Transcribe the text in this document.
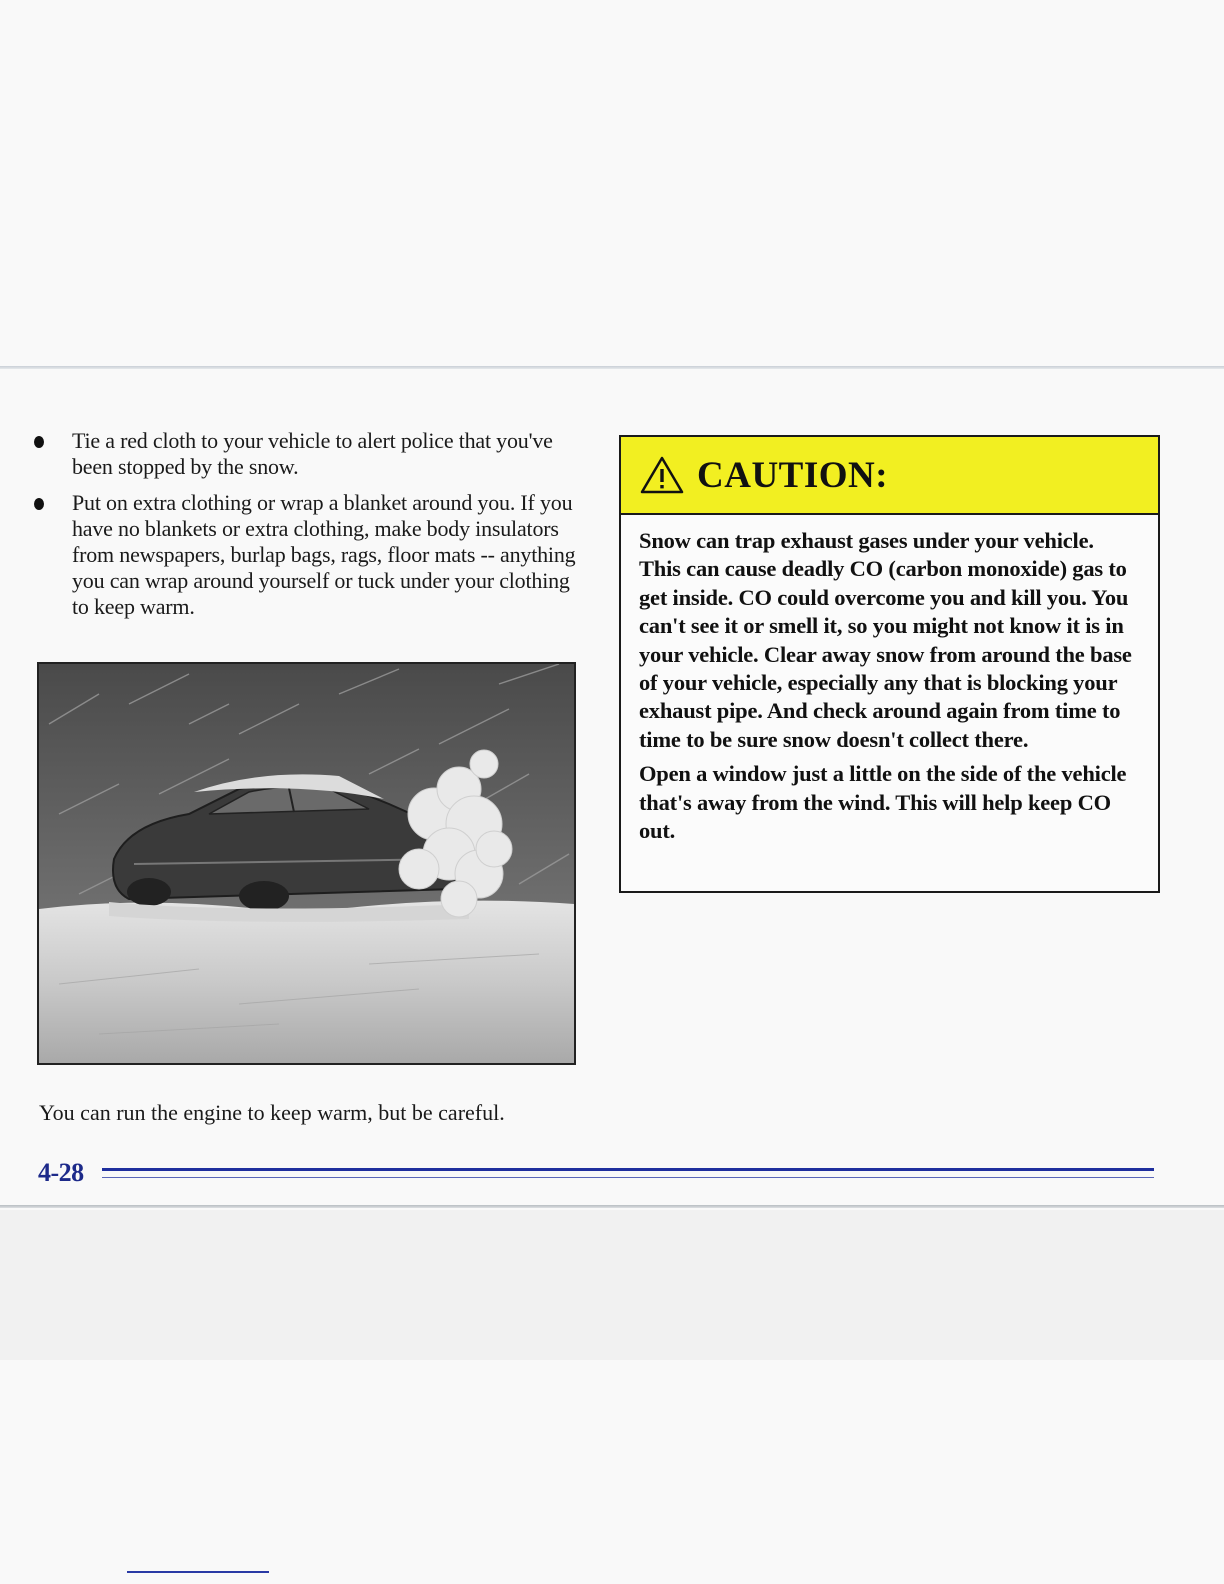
Tie a red cloth to your vehicle to alert police that you've been stopped by the snow.
Put on extra clothing or wrap a blanket around you. If you have no blankets or extra clothing, make body insulators from newspapers, burlap bags, rags, floor mats -- anything you can wrap around yourself or tuck under your clothing to keep warm.
You can run the engine to keep warm, but be careful.
CAUTION:

Snow can trap exhaust gases under your vehicle. This can cause deadly CO (carbon monoxide) gas to get inside. CO could overcome you and kill you. You can't see it or smell it, so you might not know it is in your vehicle. Clear away snow from around the base of your vehicle, especially any that is blocking your exhaust pipe. And check around again from time to time to be sure snow doesn't collect there.

Open a window just a little on the side of the vehicle that's away from the wind. This will help keep CO out.

4-28
